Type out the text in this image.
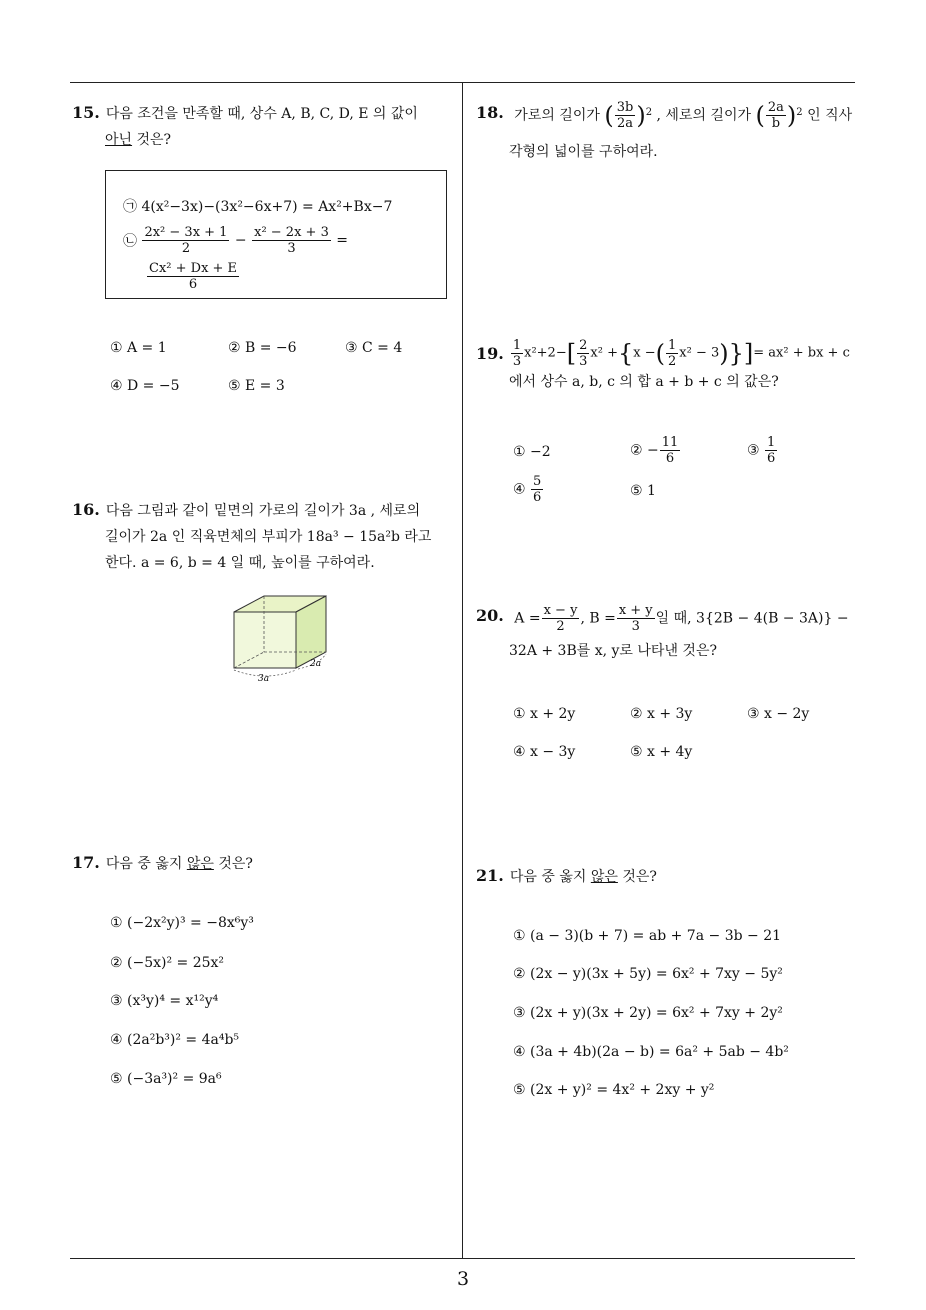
3
15. 다음 조건을 만족할 때, 상수 A, B, C, D, E 의 값이
아닌 것은?
㉠ 4(x²−3x)−(3x²−6x+7) = Ax²+Bx−7
㉡ $\frac{\text{2x² − 3x + 1}}{2} - \frac{\text{x² − 2x + 3}}{3}$ =
$\frac{\text{Cx² + Dx + E}}{6}$
① A = 1	② B = −6	③ C = 4
④ D = −5	⑤ E = 3
16. 다음 그림과 같이 밑면의 가로의 길이가 3a , 세로의
길이가 2a 인 직육면체의 부피가 18a³ − 15a²b 라고
한다. a = 6, b = 4 일 때, 높이를 구하여라.
3a
2a
17. 다음 중 옳지 않은 것은?
① (−2x²y)³ = −8x⁶y³
② (−5x)² = 25x²
③ (x³y)⁴ = x¹²y⁴
④ (2a²b³)² = 4a⁴b⁵
⑤ (−3a³)² = 9a⁶
18. 가로의 길이가 ( $\frac{3b}{2a} )^2$ , 세로의 길이가 ( $\frac{2a}{b} )^2$ 인 직사
각형의 넓이를 구하여라.
19. $\frac{1}{3} x^2+2-[ \frac{2}{3} x^2 +\{x$ −( $\frac{1}{2} x^2 - 3)\}]= ax^2$ + bx + c
에서 상수 a, b, c 의 합 a + b + c 의 값은?
① −2	② − $\frac{11}{6}$	③ $\frac{1}{6}$
④ $\frac{5}{6}$	⑤ 1
20. $A = \frac{x - y}{2}$ , $B = \frac{x + y}{3}$ 일 때, 3{2B − 4(B − 3A)} −
32A + 3B를 x, y로 나타낸 것은?
① x + 2y	② x + 3y	③ x − 2y
④ x − 3y	⑤ x + 4y
21. 다음 중 옳지 않은 것은?
① (a − 3)(b + 7) = ab + 7a − 3b − 21
② (2x − y)(3x + 5y) = 6x² + 7xy − 5y²
③ (2x + y)(3x + 2y) = 6x² + 7xy + 2y²
④ (3a + 4b)(2a − b) = 6a² + 5ab − 4b²
⑤ (2x + y)² = 4x² + 2xy + y²
